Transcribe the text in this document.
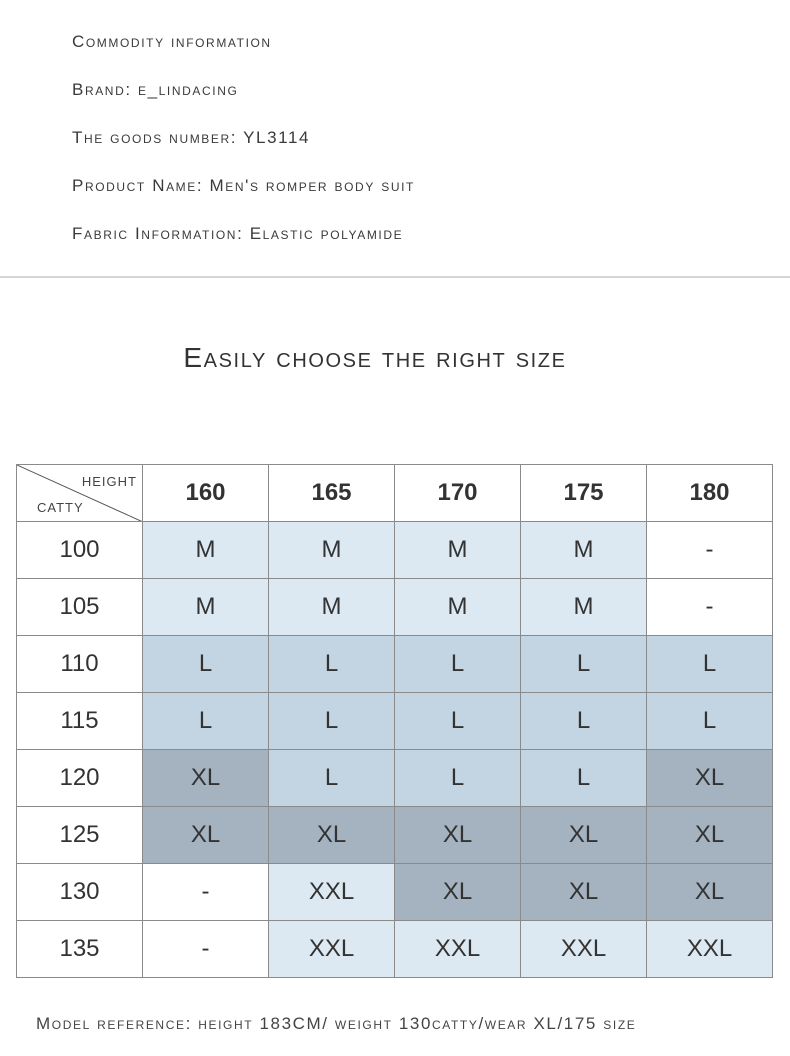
Commodity information
Brand: e_lindacing
The goods number: YL3114
Product Name: Men's romper body suit
Fabric Information: Elastic polyamide
Easily choose the right size
HEIGHT
CATTY	160	165	170	175	180
100	M	M	M	M	-
105	M	M	M	M	-
110	L	L	L	L	L
115	L	L	L	L	L
120	XL	L	L	L	XL
125	XL	XL	XL	XL	XL
130	-	XXL	XL	XL	XL
135	-	XXL	XXL	XXL	XXL
Model reference: height 183CM/ weight 130catty/wear XL/175 size
